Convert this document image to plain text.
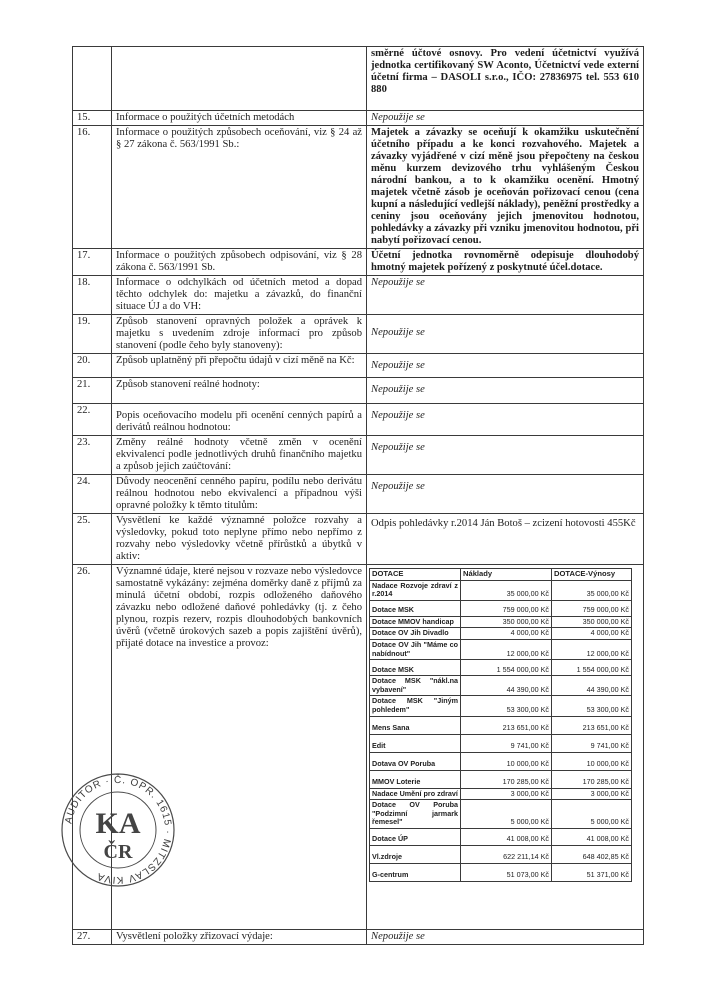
		směrné účtové osnovy. Pro vedení účetnictví využívá jednotka certifikovaný SW Aconto, Účetnictví vede externí účetní firma – DASOLI s.r.o., IČO: 27836975 tel. 553 610 880
15.	Informace o použitých účetních metodách	Nepoužije se
16.	Informace o použitých způsobech oceňování, viz § 24 až § 27 zákona č. 563/1991 Sb.:	Majetek a závazky se oceňují k okamžiku uskutečnění účetního případu a ke konci rozvahového. Majetek a závazky vyjádřené v cizí měně jsou přepočteny na českou měnu kurzem devizového trhu vyhlášeným Českou národní bankou, a to k okamžiku ocenění. Hmotný majetek včetně zásob je oceňován pořizovací cenou (cena kupní a následující vedlejší náklady), peněžní prostředky a ceniny jsou oceňovány jejich jmenovitou hodnotou, pohledávky a závazky při vzniku jmenovitou hodnotou, při nabytí pořizovací cenou.
17.	Informace o použitých způsobech odpisování, viz § 28 zákona č. 563/1991 Sb.	Účetní jednotka rovnoměrně odepisuje dlouhodobý hmotný majetek pořízený z poskytnuté účel.dotace.
18.	Informace o odchylkách od účetních metod a dopad těchto odchylek do: majetku a závazků, do finanční situace ÚJ a do VH:	Nepoužije se
19.	Způsob stanovení opravných položek a oprávek k majetku s uvedením zdroje informací pro způsob stanovení (podle čeho byly stanoveny):	Nepoužije se
20.	Způsob uplatněný při přepočtu údajů v cizí měně na Kč:	Nepoužije se
21.	Způsob stanovení reálné hodnoty:	Nepoužije se
22.	Popis oceňovacího modelu při ocenění cenných papírů a derivátů reálnou hodnotou:	Nepoužije se
23.	Změny reálné hodnoty včetně změn v ocenění ekvivalencí podle jednotlivých druhů finančního majetku a způsob jejich zaúčtování:	Nepoužije se
24.	Důvody neocenění cenného papíru, podílu nebo derivátu reálnou hodnotou nebo ekvivalencí a případnou výši opravné položky k těmto titulům:	Nepoužije se
25.	Vysvětlení ke každé významné položce rozvahy a výsledovky, pokud toto neplyne přímo nebo nepřímo z rozvahy nebo výsledovky včetně přírůstků a úbytků v aktiv:	Odpis pohledávky r.2014 Ján Botoš – zcizení hotovosti 455Kč
26.	Významné údaje, které nejsou v rozvaze nebo výsledovce samostatně vykázány: zejména doměrky daně z příjmů za minulá účetní období, rozpis odloženého daňového závazku nebo odložené daňové pohledávky (tj. z čeho plynou, rozpis rezerv, rozpis dlouhodobých bankovních úvěrů (včetně úrokových sazeb a popis zajištění úvěrů), přijaté dotace na investice a provoz:	
DOTACE	Náklady	DOTACE-Výnosy
Nadace Rozvoje zdraví z r.2014	35 000,00 Kč	35 000,00 Kč
Dotace MSK	759 000,00 Kč	759 000,00 Kč
Dotace MMOV handicap	350 000,00 Kč	350 000,00 Kč
Dotace OV Jih Divadlo	4 000,00 Kč	4 000,00 Kč
Dotace OV Jih "Máme co nabídnout"	12 000,00 Kč	12 000,00 Kč
Dotace MSK	1 554 000,00 Kč	1 554 000,00 Kč
Dotace MSK "nákl.na vybavení"	44 390,00 Kč	44 390,00 Kč
Dotace MSK "Jiným pohledem"	53 300,00 Kč	53 300,00 Kč
Mens Sana	213 651,00 Kč	213 651,00 Kč
Edit	9 741,00 Kč	9 741,00 Kč
Dotava OV Poruba	10 000,00 Kč	10 000,00 Kč
MMOV Loterie	170 285,00 Kč	170 285,00 Kč
Nadace Umění pro zdraví	3 000,00 Kč	3 000,00 Kč
Dotace OV Poruba "Podzimní jarmark řemesel"	5 000,00 Kč	5 000,00 Kč
Dotace ÚP	41 008,00 Kč	41 008,00 Kč
Vl.zdroje	622 211,14 Kč	648 402,85 Kč
G-centrum	51 073,00 Kč	51 371,00 Kč

27.	Vysvětlení položky zřizovací výdaje:	Nepoužije se
AUDITOR · Č. OPR. 1615 · MITZSLAV KIVA
KA
ČR
